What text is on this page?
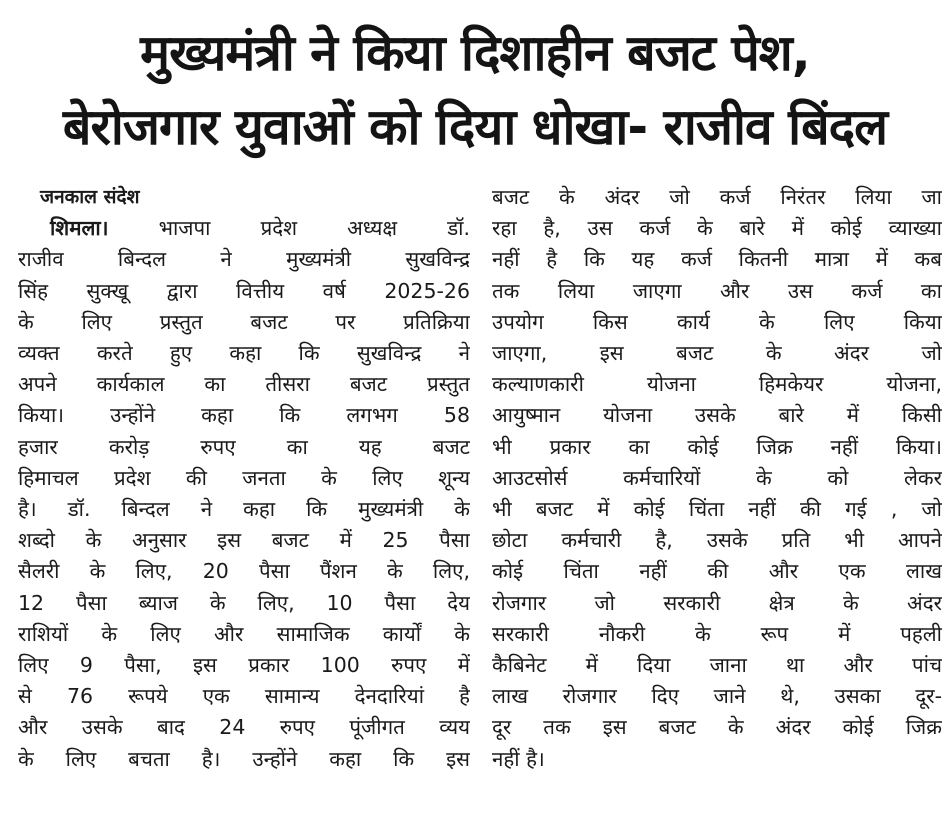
मुख्यमंत्री ने किया दिशाहीन बजट पेश,
बेरोजगार युवाओं को दिया धोखा- राजीव बिंदल
जनकाल संदेश
शिमला। भाजपा प्रदेश अध्यक्ष डॉ.
राजीव बिन्दल ने मुख्यमंत्री सुखविन्द्र
सिंह सुक्खू द्वारा वित्तीय वर्ष 2025-26
के लिए प्रस्तुत बजट पर प्रतिक्रिया
व्यक्त करते हुए कहा कि सुखविन्द्र ने
अपने कार्यकाल का तीसरा बजट प्रस्तुत
किया। उन्होंने कहा कि लगभग 58
हजार करोड़ रुपए का यह बजट
हिमाचल प्रदेश की जनता के लिए शून्य
है। डॉ. बिन्दल ने कहा कि मुख्यमंत्री के
शब्दो के अनुसार इस बजट में 25 पैसा
सैलरी के लिए, 20 पैसा पैंशन के लिए,
12 पैसा ब्याज के लिए, 10 पैसा देय
राशियों के लिए और सामाजिक कार्यों के
लिए 9 पैसा, इस प्रकार 100 रुपए में
से 76 रूपये एक सामान्य देनदारियां है
और उसके बाद 24 रुपए पूंजीगत व्यय
के लिए बचता है। उन्होंने कहा कि इस
बजट के अंदर जो कर्ज निरंतर लिया जा
रहा है, उस कर्ज के बारे में कोई व्याख्या
नहीं है कि यह कर्ज कितनी मात्रा में कब
तक लिया जाएगा और उस कर्ज का
उपयोग किस कार्य के लिए किया
जाएगा, इस बजट के अंदर जो
कल्याणकारी योजना हिमकेयर योजना,
आयुष्मान योजना उसके बारे में किसी
भी प्रकार का कोई जिक्र नहीं किया।
आउटसोर्स कर्मचारियों के को लेकर
भी बजट में कोई चिंता नहीं की गई , जो
छोटा कर्मचारी है, उसके प्रति भी आपने
कोई चिंता नहीं की और एक लाख
रोजगार जो सरकारी क्षेत्र के अंदर
सरकारी नौकरी के रूप में पहली
कैबिनेट में दिया जाना था और पांच
लाख रोजगार दिए जाने थे, उसका दूर-
दूर तक इस बजट के अंदर कोई जिक्र
नहीं है।
